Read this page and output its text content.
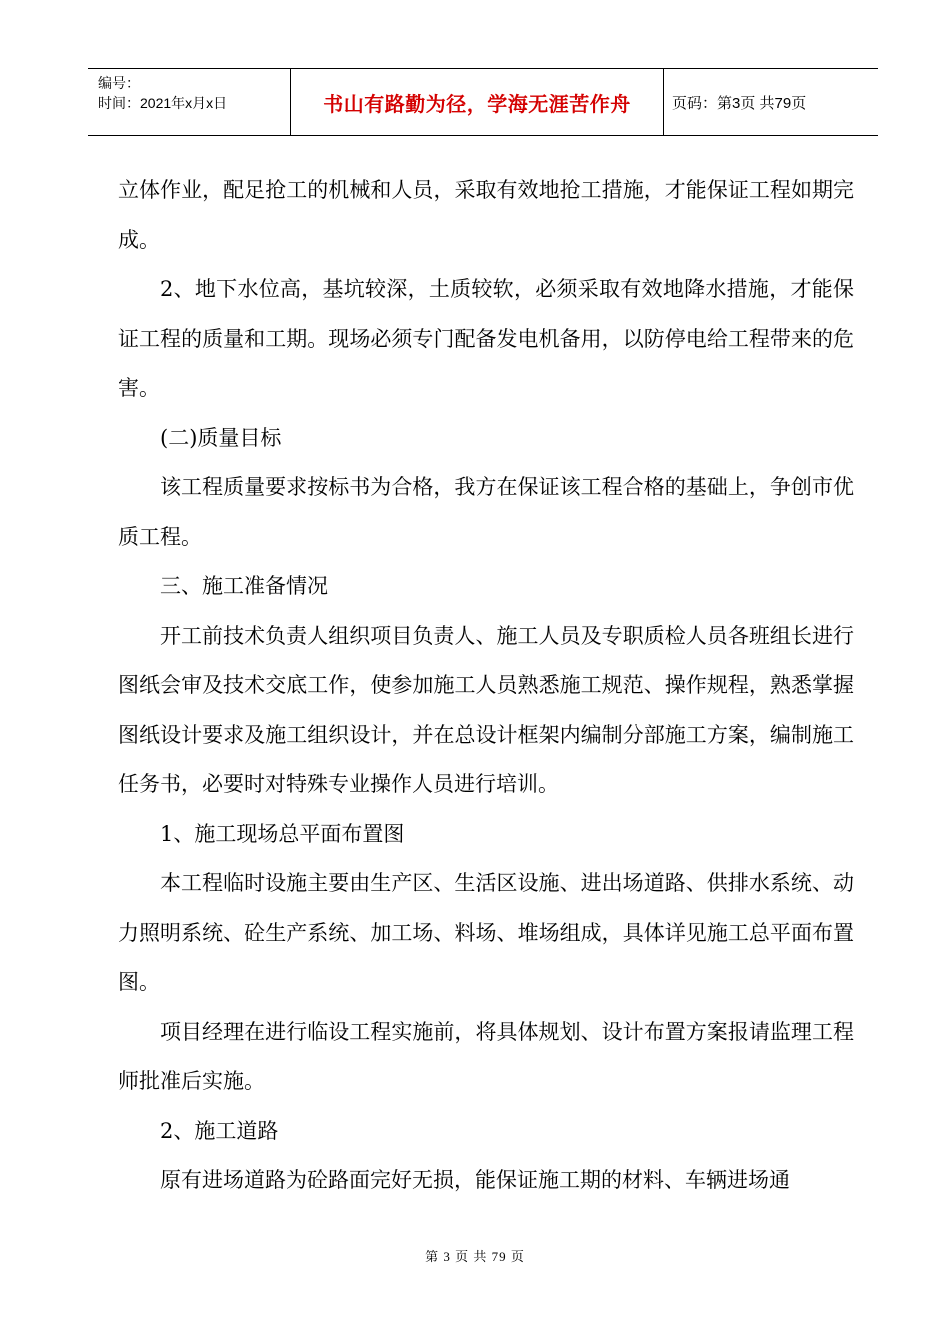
编号：
时间：2021年x月x日	书山有路勤为径，学海无涯苦作舟	页码：第3页 共79页

立体作业，配足抢工的机械和人员，采取有效地抢工措施，才能保证工程如期完成。

2、地下水位高，基坑较深，土质较软，必须采取有效地降水措施，才能保证工程的质量和工期。现场必须专门配备发电机备用，以防停电给工程带来的危害。

(二)质量目标

该工程质量要求按标书为合格，我方在保证该工程合格的基础上，争创市优质工程。

三、施工准备情况

开工前技术负责人组织项目负责人、施工人员及专职质检人员各班组长进行图纸会审及技术交底工作，使参加施工人员熟悉施工规范、操作规程，熟悉掌握图纸设计要求及施工组织设计，并在总设计框架内编制分部施工方案，编制施工任务书，必要时对特殊专业操作人员进行培训。

1、施工现场总平面布置图

本工程临时设施主要由生产区、生活区设施、进出场道路、供排水系统、动力照明系统、砼生产系统、加工场、料场、堆场组成，具体详见施工总平面布置图。

项目经理在进行临设工程实施前，将具体规划、设计布置方案报请监理工程师批准后实施。

2、施工道路

原有进场道路为砼路面完好无损，能保证施工期的材料、车辆进场通

第 3 页 共 79 页
